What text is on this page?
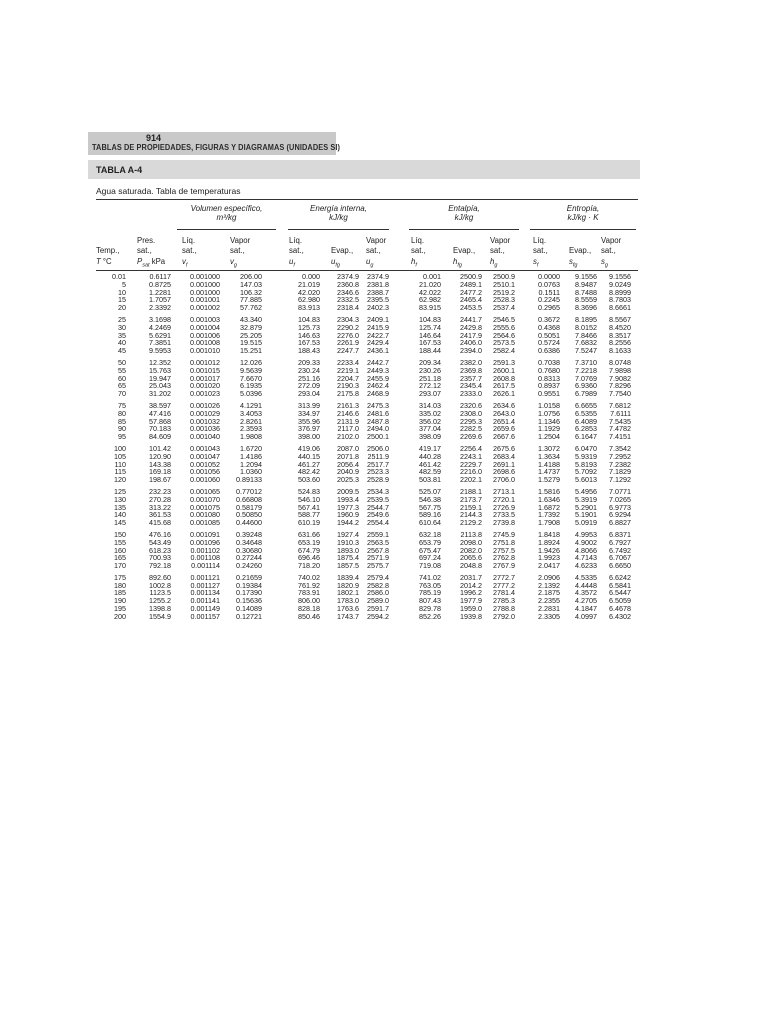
914
TABLAS DE PROPIEDADES, FIGURAS Y DIAGRAMAS (UNIDADES SI)
TABLA A-4
Agua saturada. Tabla de temperaturas
Volumen específico,
m³/kg
Energía interna,
kJ/kg
Entalpía,
kJ/kg
Entropía,
kJ/kg · K
Temp.,
T °C
Pres.
sat.,
$P_{sat}$ kPa
Líq.
sat.,
$v_f$
Vapor
sat.,
$v_g$
Líq.
sat.,
$u_f$
Evap.,
$u_{fg}$
Vapor
sat.,
$u_g$
Líq.
sat.,
$h_f$
Evap.,
$h_{fg}$
Vapor
sat.,
$h_g$
Líq.
sat.,
$s_f$
Evap.,
$s_{fg}$
Vapor
sat.,
$s_g$
0.01	0.6117	0.001000	206.00	0.000 2374.9 2374.9	0.001	2500.9 2500.9	0.0000 9.1556 9.1556
5	0.8725	0.001000	147.03	21.019 2360.8 2381.8	21.020	2489.1 2510.1	0.0763 8.9487 9.0249
10	1.2281	0.001000	106.32	42.020 2346.6 2388.7	42.022	2477.2 2519.2	0.1511 8.7488 8.8999
15	1.7057	0.001001	77.885	62.980 2332.5 2395.5	62.982	2465.4 2528.3	0.2245 8.5559 8.7803
20	2.3392	0.001002	57.762	83.913 2318.4 2402.3	83.915	2453.5 2537.4	0.2965 8.3696 8.6661
25	3.1698	0.001003	43.340	104.83 2304.3 2409.1	104.83	2441.7 2546.5	0.3672 8.1895 8.5567
30	4.2469	0.001004	32.879	125.73 2290.2 2415.9	125.74	2429.8 2555.6	0.4368 8.0152 8.4520
35	5.6291	0.001006	25.205	146.63 2276.0 2422.7	146.64	2417.9 2564.6	0.5051 7.8466 8.3517
40	7.3851	0.001008	19.515	167.53 2261.9 2429.4	167.53	2406.0 2573.5	0.5724 7.6832 8.2556
45	9.5953	0.001010	15.251	188.43 2247.7 2436.1	188.44	2394.0 2582.4	0.6386 7.5247 8.1633
50	12.352	0.001012	12.026	209.33 2233.4 2442.7	209.34	2382.0 2591.3	0.7038 7.3710 8.0748
55	15.763	0.001015	9.5639	230.24 2219.1 2449.3	230.26	2369.8 2600.1	0.7680 7.2218 7.9898
60	19.947	0.001017	7.6670	251.16 2204.7 2455.9	251.18	2357.7 2608.8	0.8313 7.0769 7.9082
65	25.043	0.001020	6.1935	272.09 2190.3 2462.4	272.12	2345.4 2617.5	0.8937 6.9360 7.8296
70	31.202	0.001023	5.0396	293.04 2175.8 2468.9	293.07	2333.0 2626.1	0.9551 6.7989 7.7540
75	38.597	0.001026	4.1291	313.99 2161.3 2475.3	314.03	2320.6 2634.6	1.0158 6.6655 7.6812
80	47.416	0.001029	3.4053	334.97 2146.6 2481.6	335.02	2308.0 2643.0	1.0756 6.5355 7.6111
85	57.868	0.001032	2.8261	355.96 2131.9 2487.8	356.02	2295.3 2651.4	1.1346 6.4089 7.5435
90	70.183	0.001036	2.3593	376.97 2117.0 2494.0	377.04	2282.5 2659.6	1.1929 6.2853 7.4782
95	84.609	0.001040	1.9808	398.00 2102.0 2500.1	398.09	2269.6 2667.6	1.2504 6.1647 7.4151
100	101.42	0.001043	1.6720	419.06 2087.0 2506.0	419.17	2256.4 2675.6	1.3072 6.0470 7.3542
105	120.90	0.001047	1.4186	440.15 2071.8 2511.9	440.28	2243.1 2683.4	1.3634 5.9319 7.2952
110	143.38	0.001052	1.2094	461.27 2056.4 2517.7	461.42	2229.7 2691.1	1.4188 5.8193 7.2382
115	169.18	0.001056	1.0360	482.42 2040.9 2523.3	482.59	2216.0 2698.6	1.4737 5.7092 7.1829
120	198.67	0.001060 0.89133	503.60 2025.3 2528.9	503.81	2202.1 2706.0	1.5279 5.6013 7.1292
125	232.23	0.001065 0.77012	524.83 2009.5 2534.3	525.07	2188.1 2713.1	1.5816 5.4956 7.0771
130	270.28	0.001070 0.66808	546.10 1993.4 2539.5	546.38	2173.7 2720.1	1.6346 5.3919 7.0265
135	313.22	0.001075 0.58179	567.41 1977.3 2544.7	567.75	2159.1 2726.9	1.6872 5.2901 6.9773
140	361.53	0.001080 0.50850	588.77 1960.9 2549.6	589.16	2144.3 2733.5	1.7392 5.1901 6.9294
145	415.68	0.001085 0.44600	610.19 1944.2 2554.4	610.64	2129.2 2739.8	1.7908 5.0919 6.8827
150	476.16	0.001091 0.39248	631.66 1927.4 2559.1	632.18	2113.8 2745.9	1.8418 4.9953 6.8371
155	543.49	0.001096 0.34648	653.19 1910.3 2563.5	653.79	2098.0 2751.8	1.8924 4.9002 6.7927
160	618.23	0.001102 0.30680	674.79 1893.0 2567.8	675.47	2082.0 2757.5	1.9426 4.8066 6.7492
165	700.93	0.001108 0.27244	696.46 1875.4 2571.9	697.24	2065.6 2762.8	1.9923 4.7143 6.7067
170	792.18	0.001114 0.24260	718.20 1857.5 2575.7	719.08	2048.8 2767.9	2.0417 4.6233 6.6650
175	892.60	0.001121 0.21659	740.02 1839.4 2579.4	741.02	2031.7 2772.7	2.0906 4.5335 6.6242
180	1002.8	0.001127 0.19384	761.92 1820.9 2582.8	763.05	2014.2 2777.2	2.1392 4.4448 6.5841
185	1123.5	0.001134 0.17390	783.91 1802.1 2586.0	785.19	1996.2 2781.4	2.1875 4.3572 6.5447
190	1255.2	0.001141 0.15636	806.00 1783.0 2589.0	807.43	1977.9 2785.3	2.2355 4.2705 6.5059
195	1398.8	0.001149 0.14089	828.18 1763.6 2591.7	829.78	1959.0 2788.8	2.2831 4.1847 6.4678
200	1554.9	0.001157 0.12721	850.46 1743.7 2594.2	852.26	1939.8 2792.0	2.3305 4.0997 6.4302
